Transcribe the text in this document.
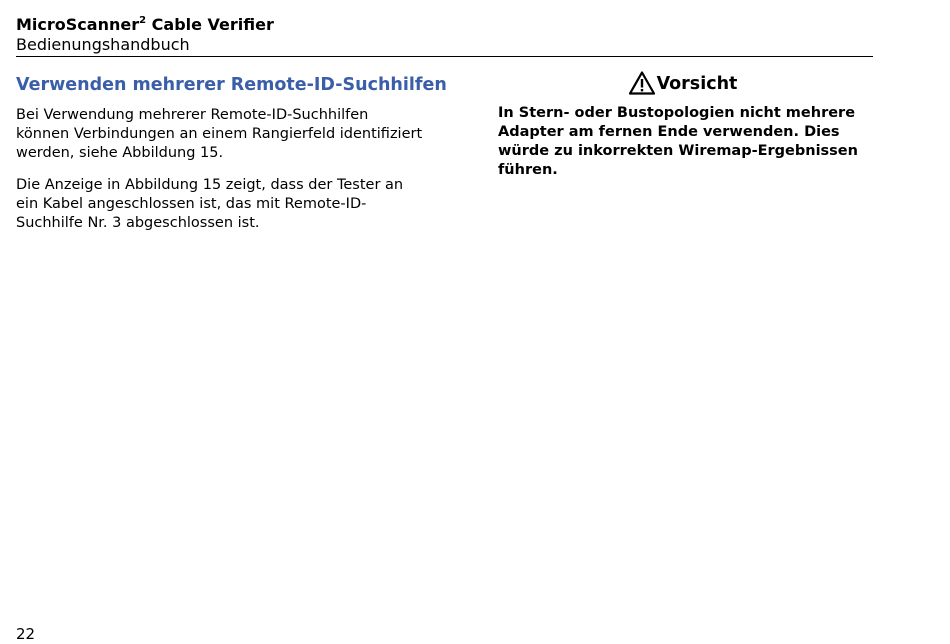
MicroScanner$^2$ Cable Verifier

Bedienungshandbuch

Verwenden mehrerer Remote-ID-Suchhilfen

Bei Verwendung mehrerer Remote-ID-Suchhilfen können Verbindungen an einem Rangierfeld identifiziert werden, siehe Abbildung 15.

Die Anzeige in Abbildung 15 zeigt, dass der Tester an ein Kabel angeschlossen ist, das mit Remote-ID-Suchhilfe Nr. 3 abgeschlossen ist.

Vorsicht

In Stern- oder Bustopologien nicht mehrere Adapter am fernen Ende verwenden. Dies würde zu inkorrekten Wiremap-Ergebnissen führen.

22
